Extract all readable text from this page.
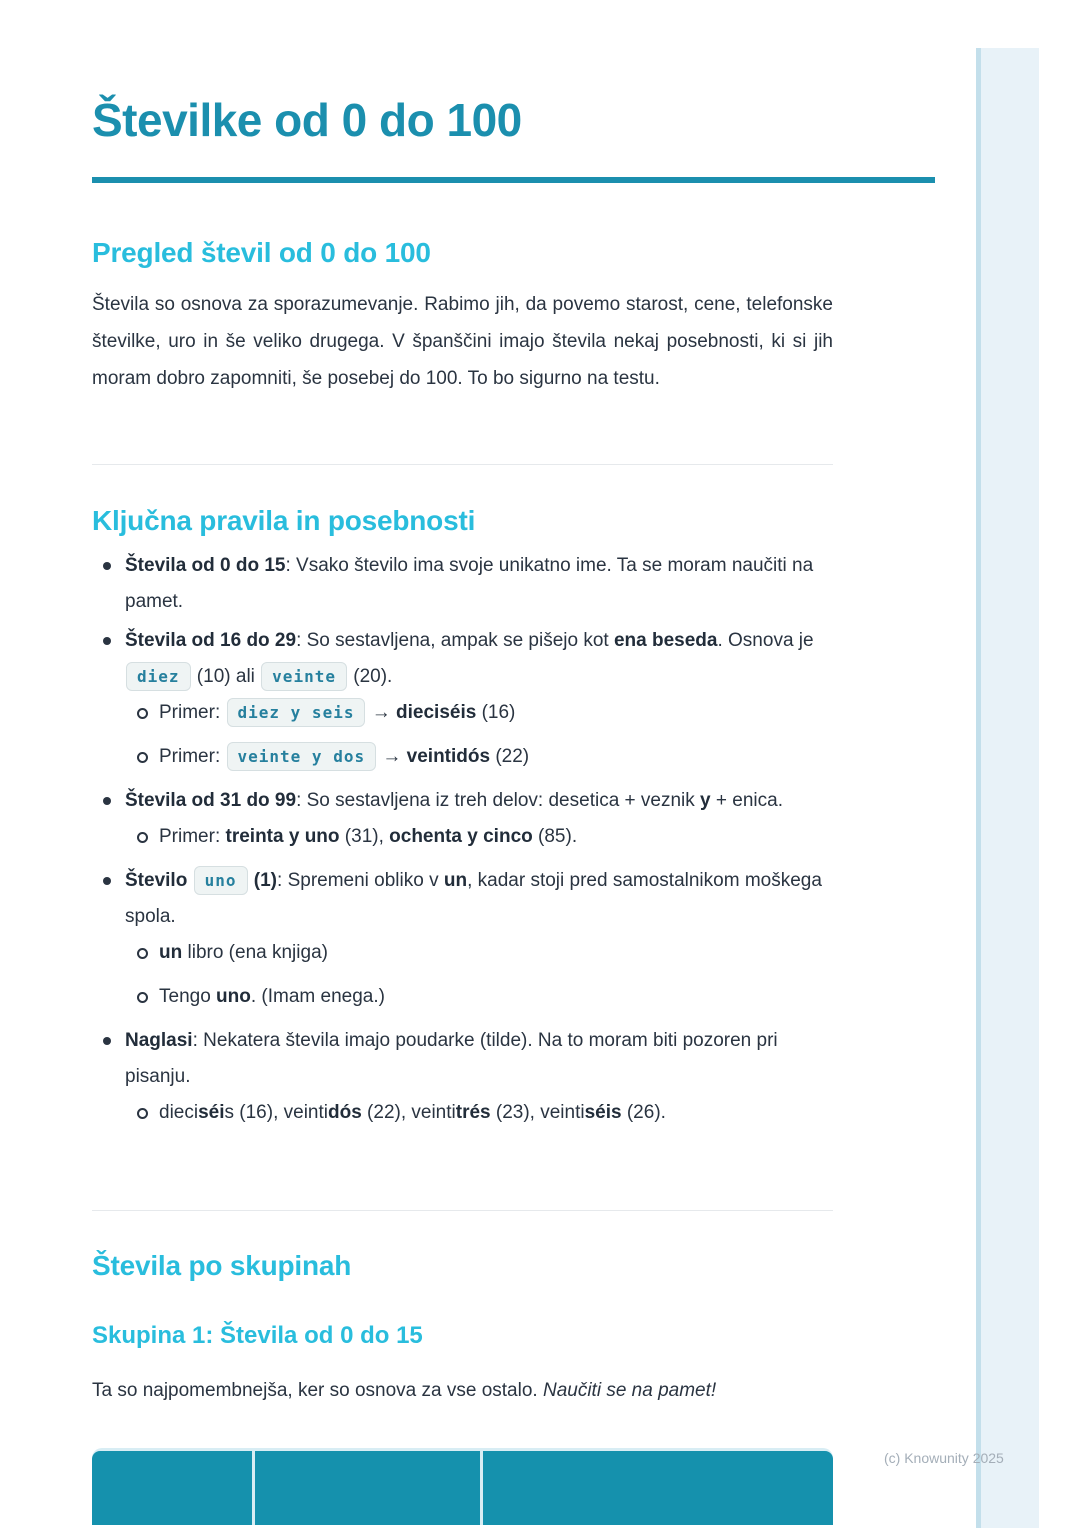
Številke od 0 do 100
Pregled števil od 0 do 100
Števila so osnova za sporazumevanje. Rabimo jih, da povemo starost, cene, telefonske številke, uro in še veliko drugega. V španščini imajo števila nekaj posebnosti, ki si jih moram dobro zapomniti, še posebej do 100. To bo sigurno na testu.
Ključna pravila in posebnosti
Števila od 0 do 15: Vsako število ima svoje unikatno ime. Ta se moram naučiti na pamet.
Števila od 16 do 29: So sestavljena, ampak se pišejo kot ena beseda. Osnova je diez (10) ali veinte (20).
Primer: diez y seis → dieciséis (16)
Primer: veinte y dos → veintidós (22)
Števila od 31 do 99: So sestavljena iz treh delov: desetica + veznik y + enica.
Primer: treinta y uno (31), ochenta y cinco (85).
Število uno (1): Spremeni obliko v un, kadar stoji pred samostalnikom moškega spola.
un libro (ena knjiga)
Tengo uno. (Imam enega.)
Naglasi: Nekatera števila imajo poudarke (tilde). Na to moram biti pozoren pri pisanju.
dieciséis (16), veintidós (22), veintitrés (23), veintiséis (26).
Števila po skupinah
Skupina 1: Števila od 0 do 15
Ta so najpomembnejša, ker so osnova za vse ostalo. Naučiti se na pamet!
(c) Knowunity 2025
